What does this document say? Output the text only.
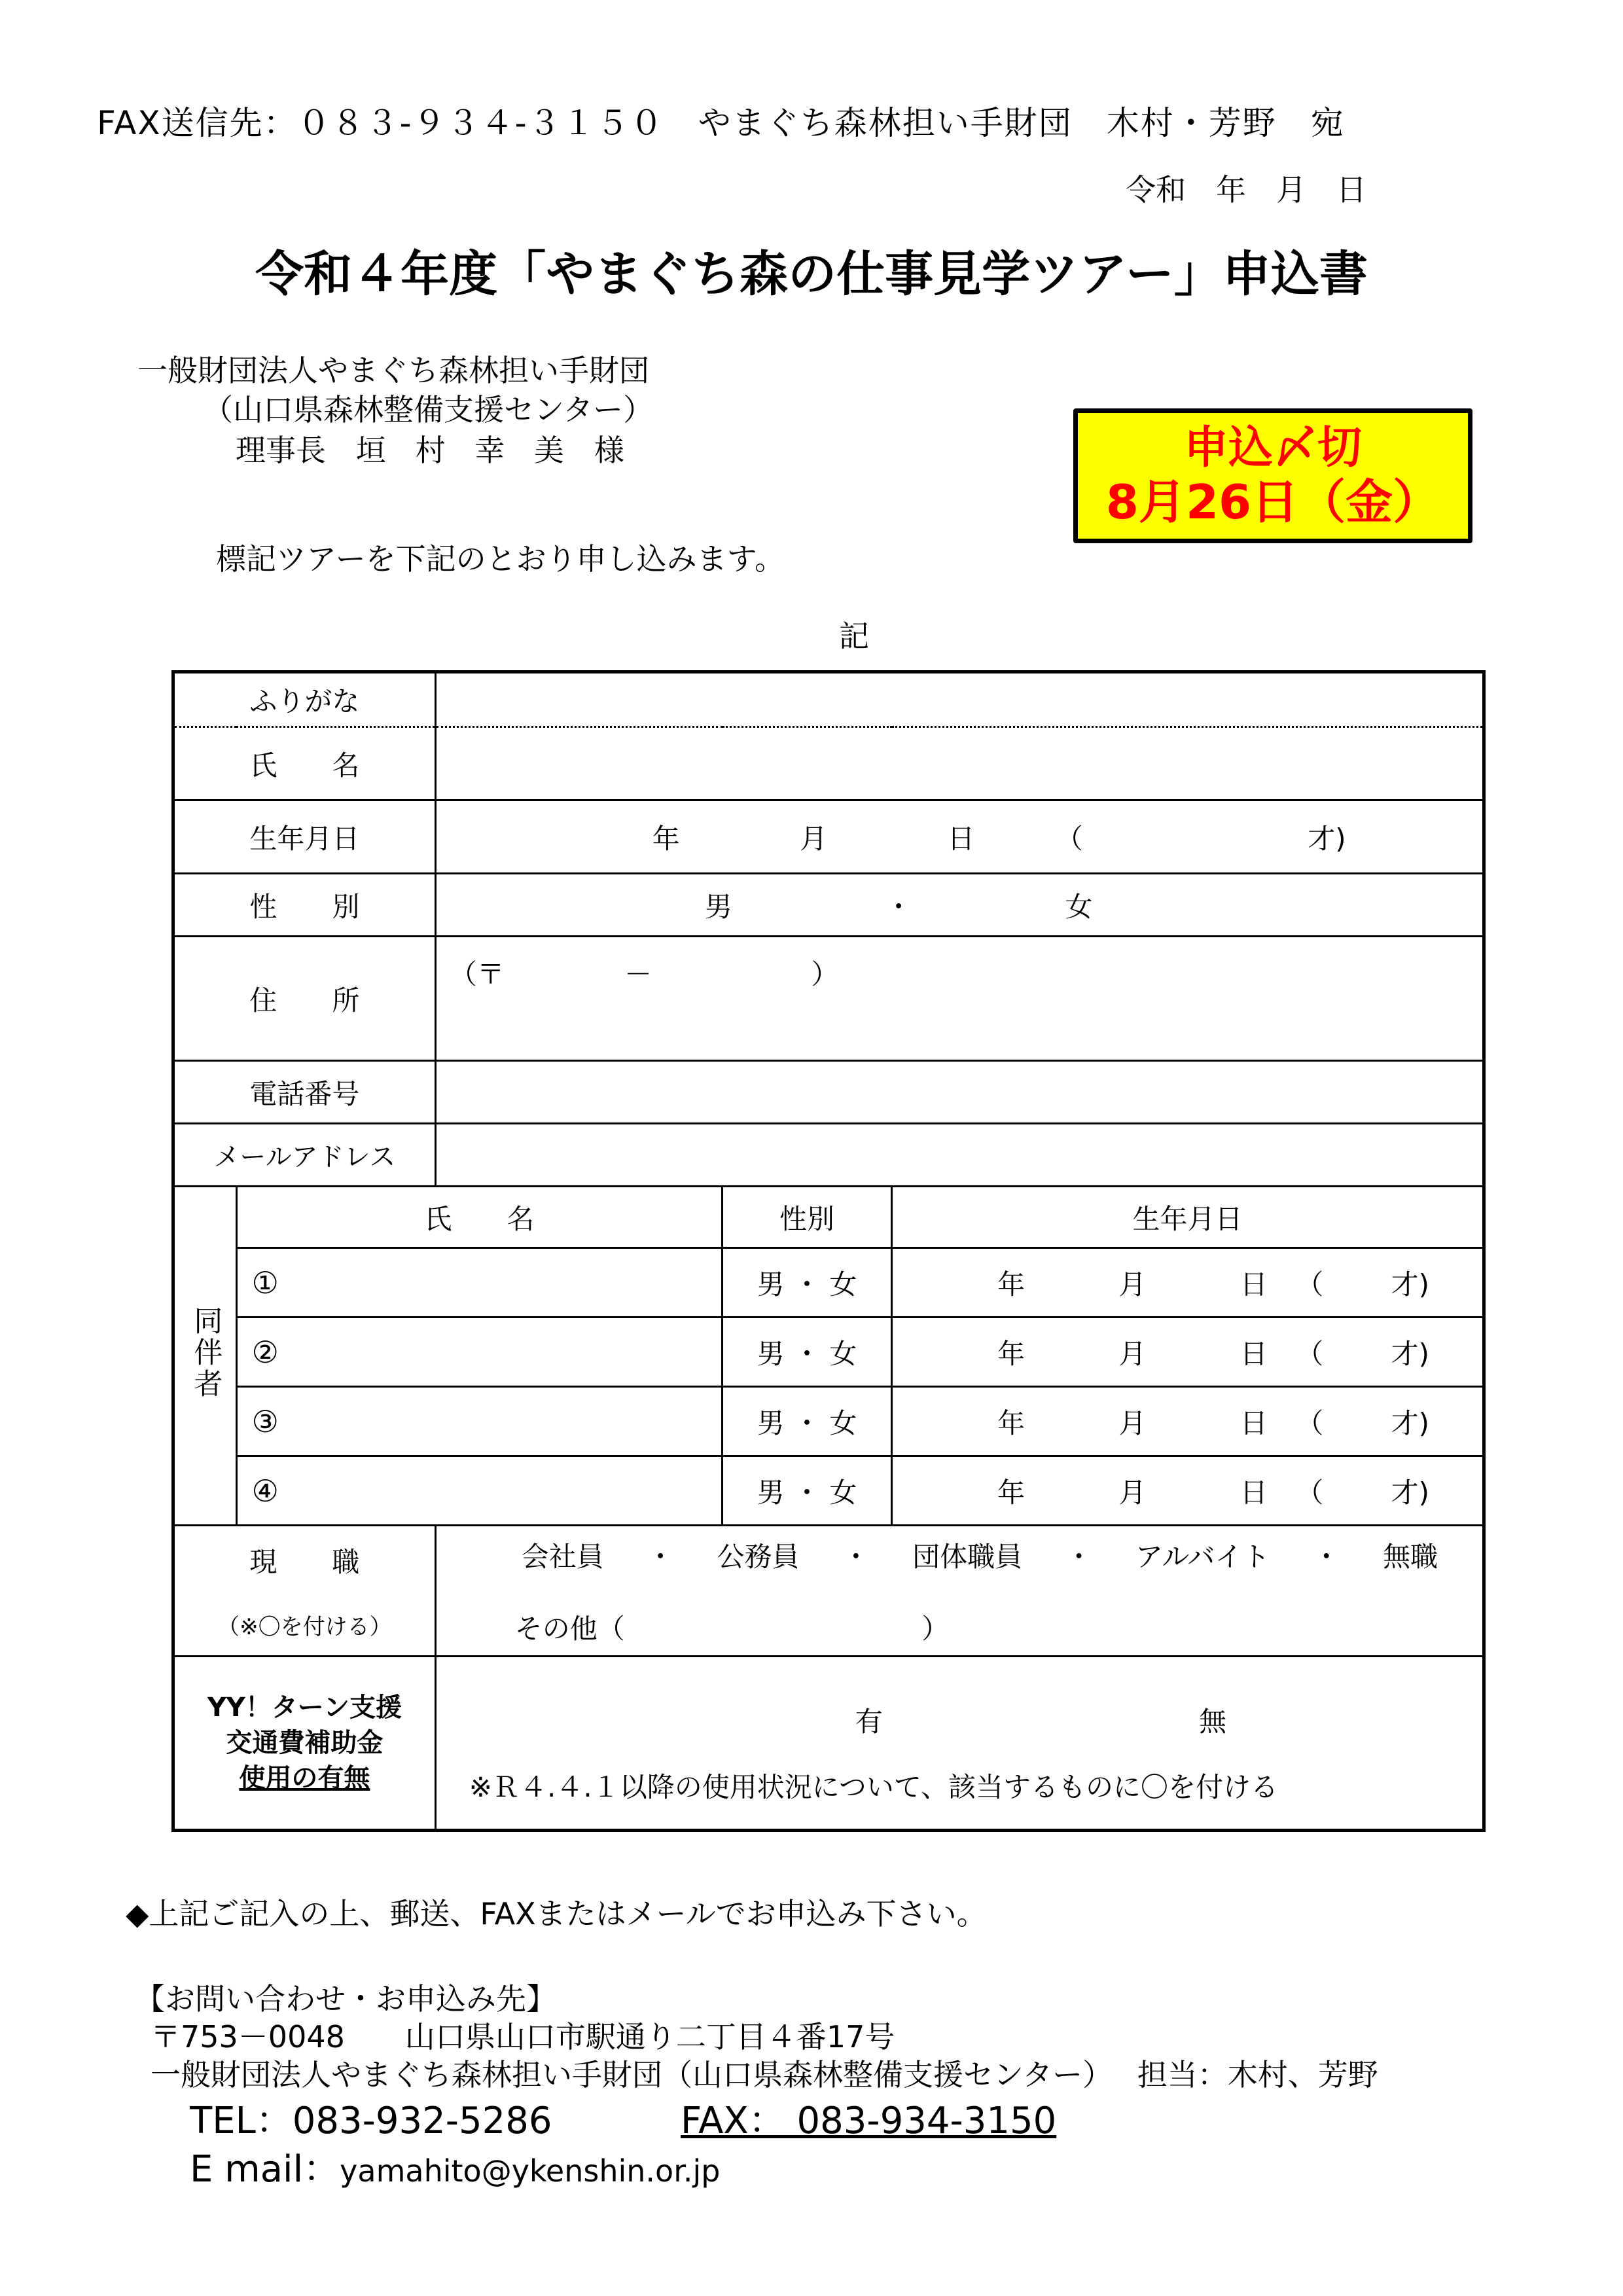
FAX送信先：０８３-９３４-３１５０　やまぐち森林担い手財団　木村・芳野　宛
令和　年　月　日
令和４年度「やまぐち森の仕事見学ツアー」申込書
一般財団法人やまぐち森林担い手財団
（山口県森林整備支援センター）
理事長　垣 村 幸 美　様	申込〆切
8月26日（金）
標記ツアーを下記のとおり申し込みます。
記
ふりがな				
氏　　名				
生年月日		年 月 日 （ 才)		
性　　別		男 ・ 女		
住　　所		（〒 － ）		

電話番号				
メールアドレス				
同伴者	氏　　名		性別	生年月日
	①		男 ・ 女	年 月 日 （ 才)
	②		男 ・ 女	年 月 日 （ 才)
	③		男 ・ 女	年 月 日 （ 才)
	④		男 ・ 女	年 月 日 （ 才)

現　　職
（※〇を付ける）

会社員 ・ 公務員 ・ 団体職員 ・ アルバイト ・ 無職
その他（	）

YY！ターン支援
交通費補助金
使用の有無

有	無
※Ｒ４.４.１以降の使用状況について、該当するものに〇を付ける
◆上記ご記入の上、郵送、FAXまたはメールでお申込み下さい。
【お問い合わせ・お申込み先】
〒753－0048　　山口県山口市駅通り二丁目４番17号
一般財団法人やまぐち森林担い手財団（山口県森林整備支援センター）　 担当：木村、芳野
TEL：083-932-5286	FAX： 083-934-3150
E mail：yamahito@ykenshin.or.jp
